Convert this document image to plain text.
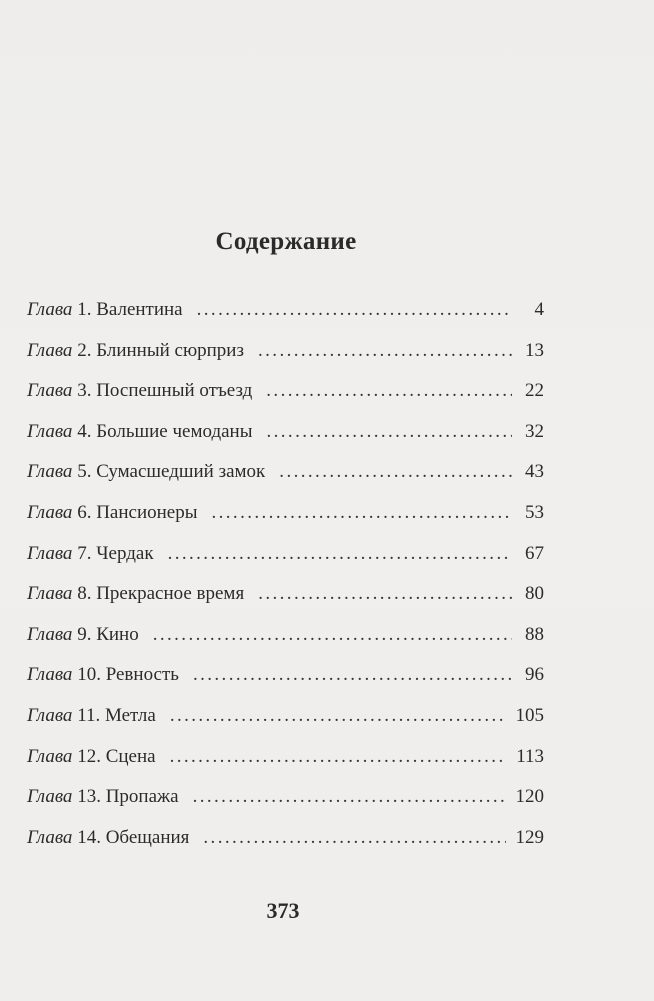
Содержание
Глава 1. Валентина .....	4
Глава 2. Блинный сюрприз .....	13
Глава 3. Поспешный отъезд .....	22
Глава 4. Большие чемоданы .....	32
Глава 5. Сумасшедший замок .....	43
Глава 6. Пансионеры .....	53
Глава 7. Чердак .....	67
Глава 8. Прекрасное время .....	80
Глава 9. Кино .....	88
Глава 10. Ревность .....	96
Глава 11. Метла .....	105
Глава 12. Сцена .....	113
Глава 13. Пропажа .....	120
Глава 14. Обещания .....	129
373
